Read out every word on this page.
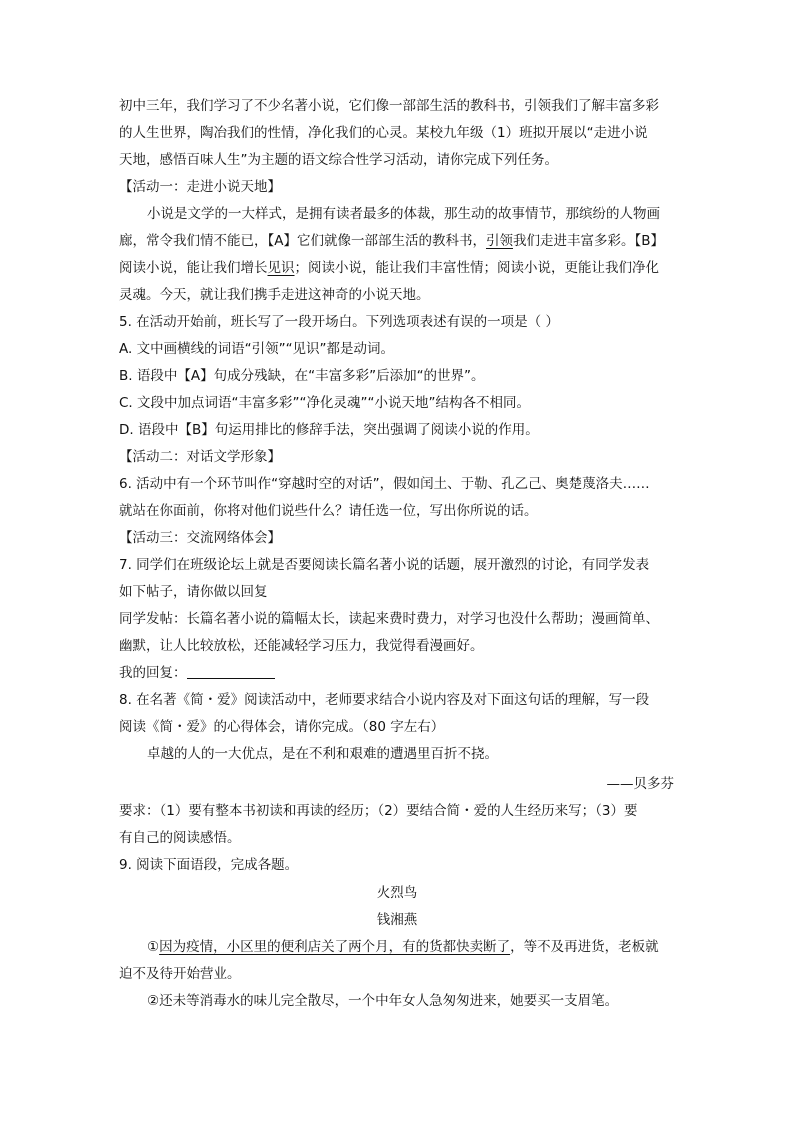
初中三年，我们学习了不少名著小说，它们像一部部生活的教科书，引领我们了解丰富多彩
的人生世界，陶冶我们的性情，净化我们的心灵。某校九年级（1）班拟开展以“走进小说
天地，感悟百味人生”为主题的语文综合性学习活动，请你完成下列任务。
【活动一：走进小说天地】
小说是文学的一大样式，是拥有读者最多的体裁，那生动的故事情节，那缤纷的人物画
廊，常令我们情不能已，【A】它们就像一部部生活的教科书，引领我们走进丰富多彩。【B】
阅读小说，能让我们增长见识；阅读小说，能让我们丰富性情；阅读小说，更能让我们净化
灵魂。今天，就让我们携手走进这神奇的小说天地。
5. 在活动开始前，班长写了一段开场白。下列选项表述有误的一项是（ ）
A. 文中画横线的词语“引领”“见识”都是动词。
B. 语段中【A】句成分残缺，在“丰富多彩”后添加“的世界”。
C. 文段中加点词语“丰富多彩”“净化灵魂”“小说天地”结构各不相同。
D. 语段中【B】句运用排比的修辞手法，突出强调了阅读小说的作用。
【活动二：对话文学形象】
6. 活动中有一个环节叫作“穿越时空的对话”，假如闰土、于勒、孔乙己、奥楚蔑洛夫……
就站在你面前，你将对他们说些什么？请任选一位，写出你所说的话。
【活动三：交流网络体会】
7. 同学们在班级论坛上就是否要阅读长篇名著小说的话题，展开激烈的讨论，有同学发表
如下帖子，请你做以回复
同学发帖：长篇名著小说的篇幅太长，读起来费时费力，对学习也没什么帮助；漫画简单、
幽默，让人比较放松，还能减轻学习压力，我觉得看漫画好。
我的回复：
8. 在名著《简・爱》阅读活动中，老师要求结合小说内容及对下面这句话的理解，写一段
阅读《简・爱》的心得体会，请你完成。（80 字左右）
卓越的人的一大优点，是在不利和艰难的遭遇里百折不挠。
——贝多芬
要求：（1）要有整本书初读和再读的经历；（2）要结合简・爱的人生经历来写；（3）要
有自己的阅读感悟。
9. 阅读下面语段，完成各题。
火烈鸟
钱湘燕
①因为疫情，小区里的便利店关了两个月，有的货都快卖断了，等不及再进货，老板就
迫不及待开始营业。
②还未等消毒水的味儿完全散尽，一个中年女人急匆匆进来，她要买一支眉笔。
